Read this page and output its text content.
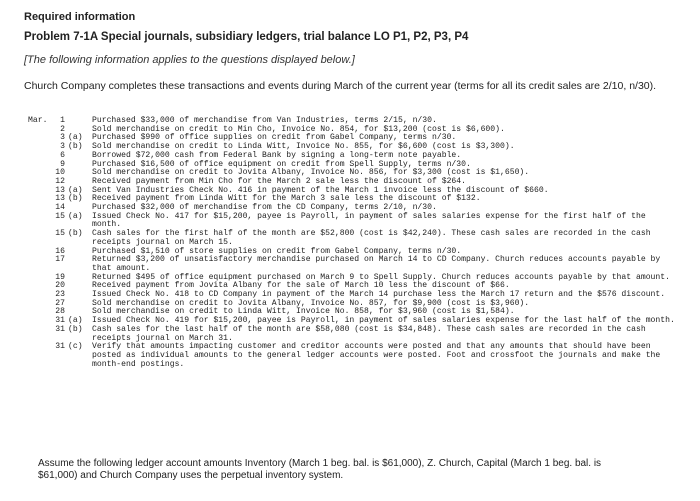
Required information
Problem 7-1A Special journals, subsidiary ledgers, trial balance LO P1, P2, P3, P4
[The following information applies to the questions displayed below.]
Church Company completes these transactions and events during March of the current year (terms for all its credit sales are 2/10, n/30).
Mar.	1	Purchased $33,000 of merchandise from Van Industries, terms 2/15, n/30.
2	Sold merchandise on credit to Min Cho, Invoice No. 854, for $13,200 (cost is $6,600).
3 (a)	Purchased $990 of office supplies on credit from Gabel Company, terms n/30.
3 (b)	Sold merchandise on credit to Linda Witt, Invoice No. 855, for $6,600 (cost is $3,300).
6	Borrowed $72,000 cash from Federal Bank by signing a long-term note payable.
9	Purchased $16,500 of office equipment on credit from Spell Supply, terms n/30.
10	Sold merchandise on credit to Jovita Albany, Invoice No. 856, for $3,300 (cost is $1,650).
12	Received payment from Min Cho for the March 2 sale less the discount of $264.
13 (a)	Sent Van Industries Check No. 416 in payment of the March 1 invoice less the discount of $660.
13 (b)	Received payment from Linda Witt for the March 3 sale less the discount of $132.
14	Purchased $32,000 of merchandise from the CD Company, terms 2/10, n/30.
15 (a)	Issued Check No. 417 for $15,200, payee is Payroll, in payment of sales salaries expense for the first half of the month.
15 (b)	Cash sales for the first half of the month are $52,800 (cost is $42,240). These cash sales are recorded in the cash receipts journal on March 15.
16	Purchased $1,510 of store supplies on credit from Gabel Company, terms n/30.
17	Returned $3,200 of unsatisfactory merchandise purchased on March 14 to CD Company. Church reduces accounts payable by that amount.
19	Returned $495 of office equipment purchased on March 9 to Spell Supply. Church reduces accounts payable by that amount.
20	Received payment from Jovita Albany for the sale of March 10 less the discount of $66.
23	Issued Check No. 418 to CD Company in payment of the March 14 purchase less the March 17 return and the $576 discount.
27	Sold merchandise on credit to Jovita Albany, Invoice No. 857, for $9,900 (cost is $3,960).
28	Sold merchandise on credit to Linda Witt, Invoice No. 858, for $3,960 (cost is $1,584).
31 (a)	Issued Check No. 419 for $15,200, payee is Payroll, in payment of sales salaries expense for the last half of the month.
31 (b)	Cash sales for the last half of the month are $58,080 (cost is $34,848). These cash sales are recorded in the cash receipts journal on March 31.
31 (c)	Verify that amounts impacting customer and creditor accounts were posted and that any amounts that should have been posted as individual amounts to the general ledger accounts were posted. Foot and crossfoot the journals and make the month-end postings.
Assume the following ledger account amounts Inventory (March 1 beg. bal. is $61,000), Z. Church, Capital (March 1 beg. bal. is $61,000) and Church Company uses the perpetual inventory system.
